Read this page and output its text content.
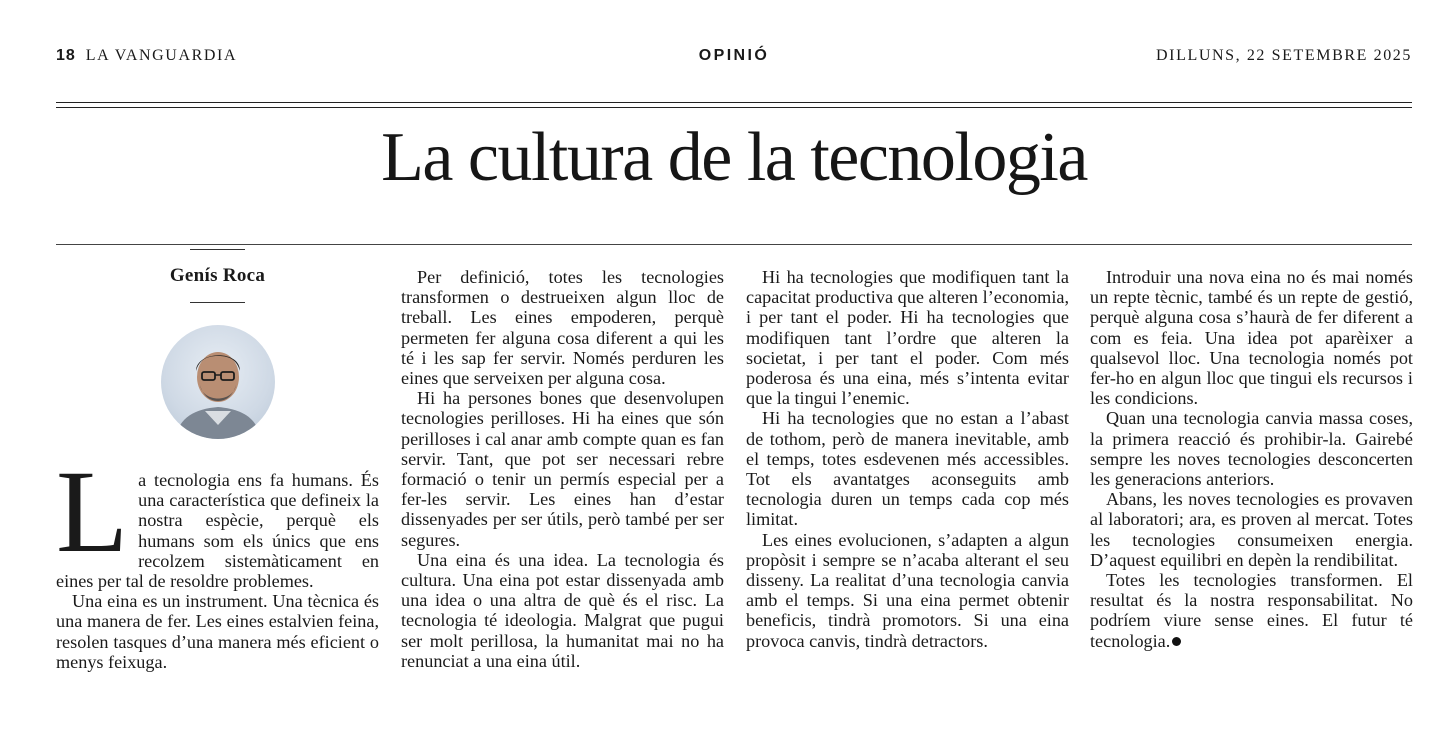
18 LA VANGUARDIA	OPINIÓ	DILLUNS, 22 SETEMBRE 2025
La cultura de la tecnologia
Genís Roca

La tecnologia ens fa humans. És una característica que defineix la nostra espècie, perquè els humans som els únics que ens recolzem sistemàticament en eines per tal de resoldre problemes.

Una eina es un instrument. Una tècnica és una manera de fer. Les eines estalvien feina, resolen tasques d’una manera més eficient o menys feixuga.

Per definició, totes les tecnologies transformen o destrueixen algun lloc de treball. Les eines empoderen, perquè permeten fer alguna cosa diferent a qui les té i les sap fer servir. Només perduren les eines que serveixen per alguna cosa.

Hi ha persones bones que desenvolupen tecnologies perilloses. Hi ha eines que són perilloses i cal anar amb compte quan es fan servir. Tant, que pot ser necessari rebre formació o tenir un permís especial per a fer-les servir. Les eines han d’estar dissenyades per ser útils, però també per ser segures.

Una eina és una idea. La tecnologia és cultura. Una eina pot estar dissenyada amb una idea o una altra de què és el risc. La tecnologia té ideologia. Malgrat que pugui ser molt perillosa, la humanitat mai no ha renunciat a una eina útil.

Hi ha tecnologies que modifiquen tant la capacitat productiva que alteren l’economia, i per tant el poder. Hi ha tecnologies que modifiquen tant l’ordre que alteren la societat, i per tant el poder. Com més poderosa és una eina, més s’intenta evitar que la tingui l’enemic.

Hi ha tecnologies que no estan a l’abast de tothom, però de manera inevitable, amb el temps, totes esdevenen més accessibles. Tot els avantatges aconseguits amb tecnologia duren un temps cada cop més limitat.

Les eines evolucionen, s’adapten a algun propòsit i sempre se n’acaba alterant el seu disseny. La realitat d’una tecnologia canvia amb el temps. Si una eina permet obtenir beneficis, tindrà promotors. Si una eina provoca canvis, tindrà detractors.

Introduir una nova eina no és mai només un repte tècnic, també és un repte de gestió, perquè alguna cosa s’haurà de fer diferent a com es feia. Una idea pot aparèixer a qualsevol lloc. Una tecnologia només pot fer-ho en algun lloc que tingui els recursos i les condicions.

Quan una tecnologia canvia massa coses, la primera reacció és prohibir-la. Gairebé sempre les noves tecnologies desconcerten les generacions anteriors.

Abans, les noves tecnologies es provaven al laboratori; ara, es proven al mercat. Totes les tecnologies consumeixen energia. D’aquest equilibri en depèn la rendibilitat.

Totes les tecnologies transformen. El resultat és la nostra responsabilitat. No podríem viure sense eines. El futur té tecnologia.
